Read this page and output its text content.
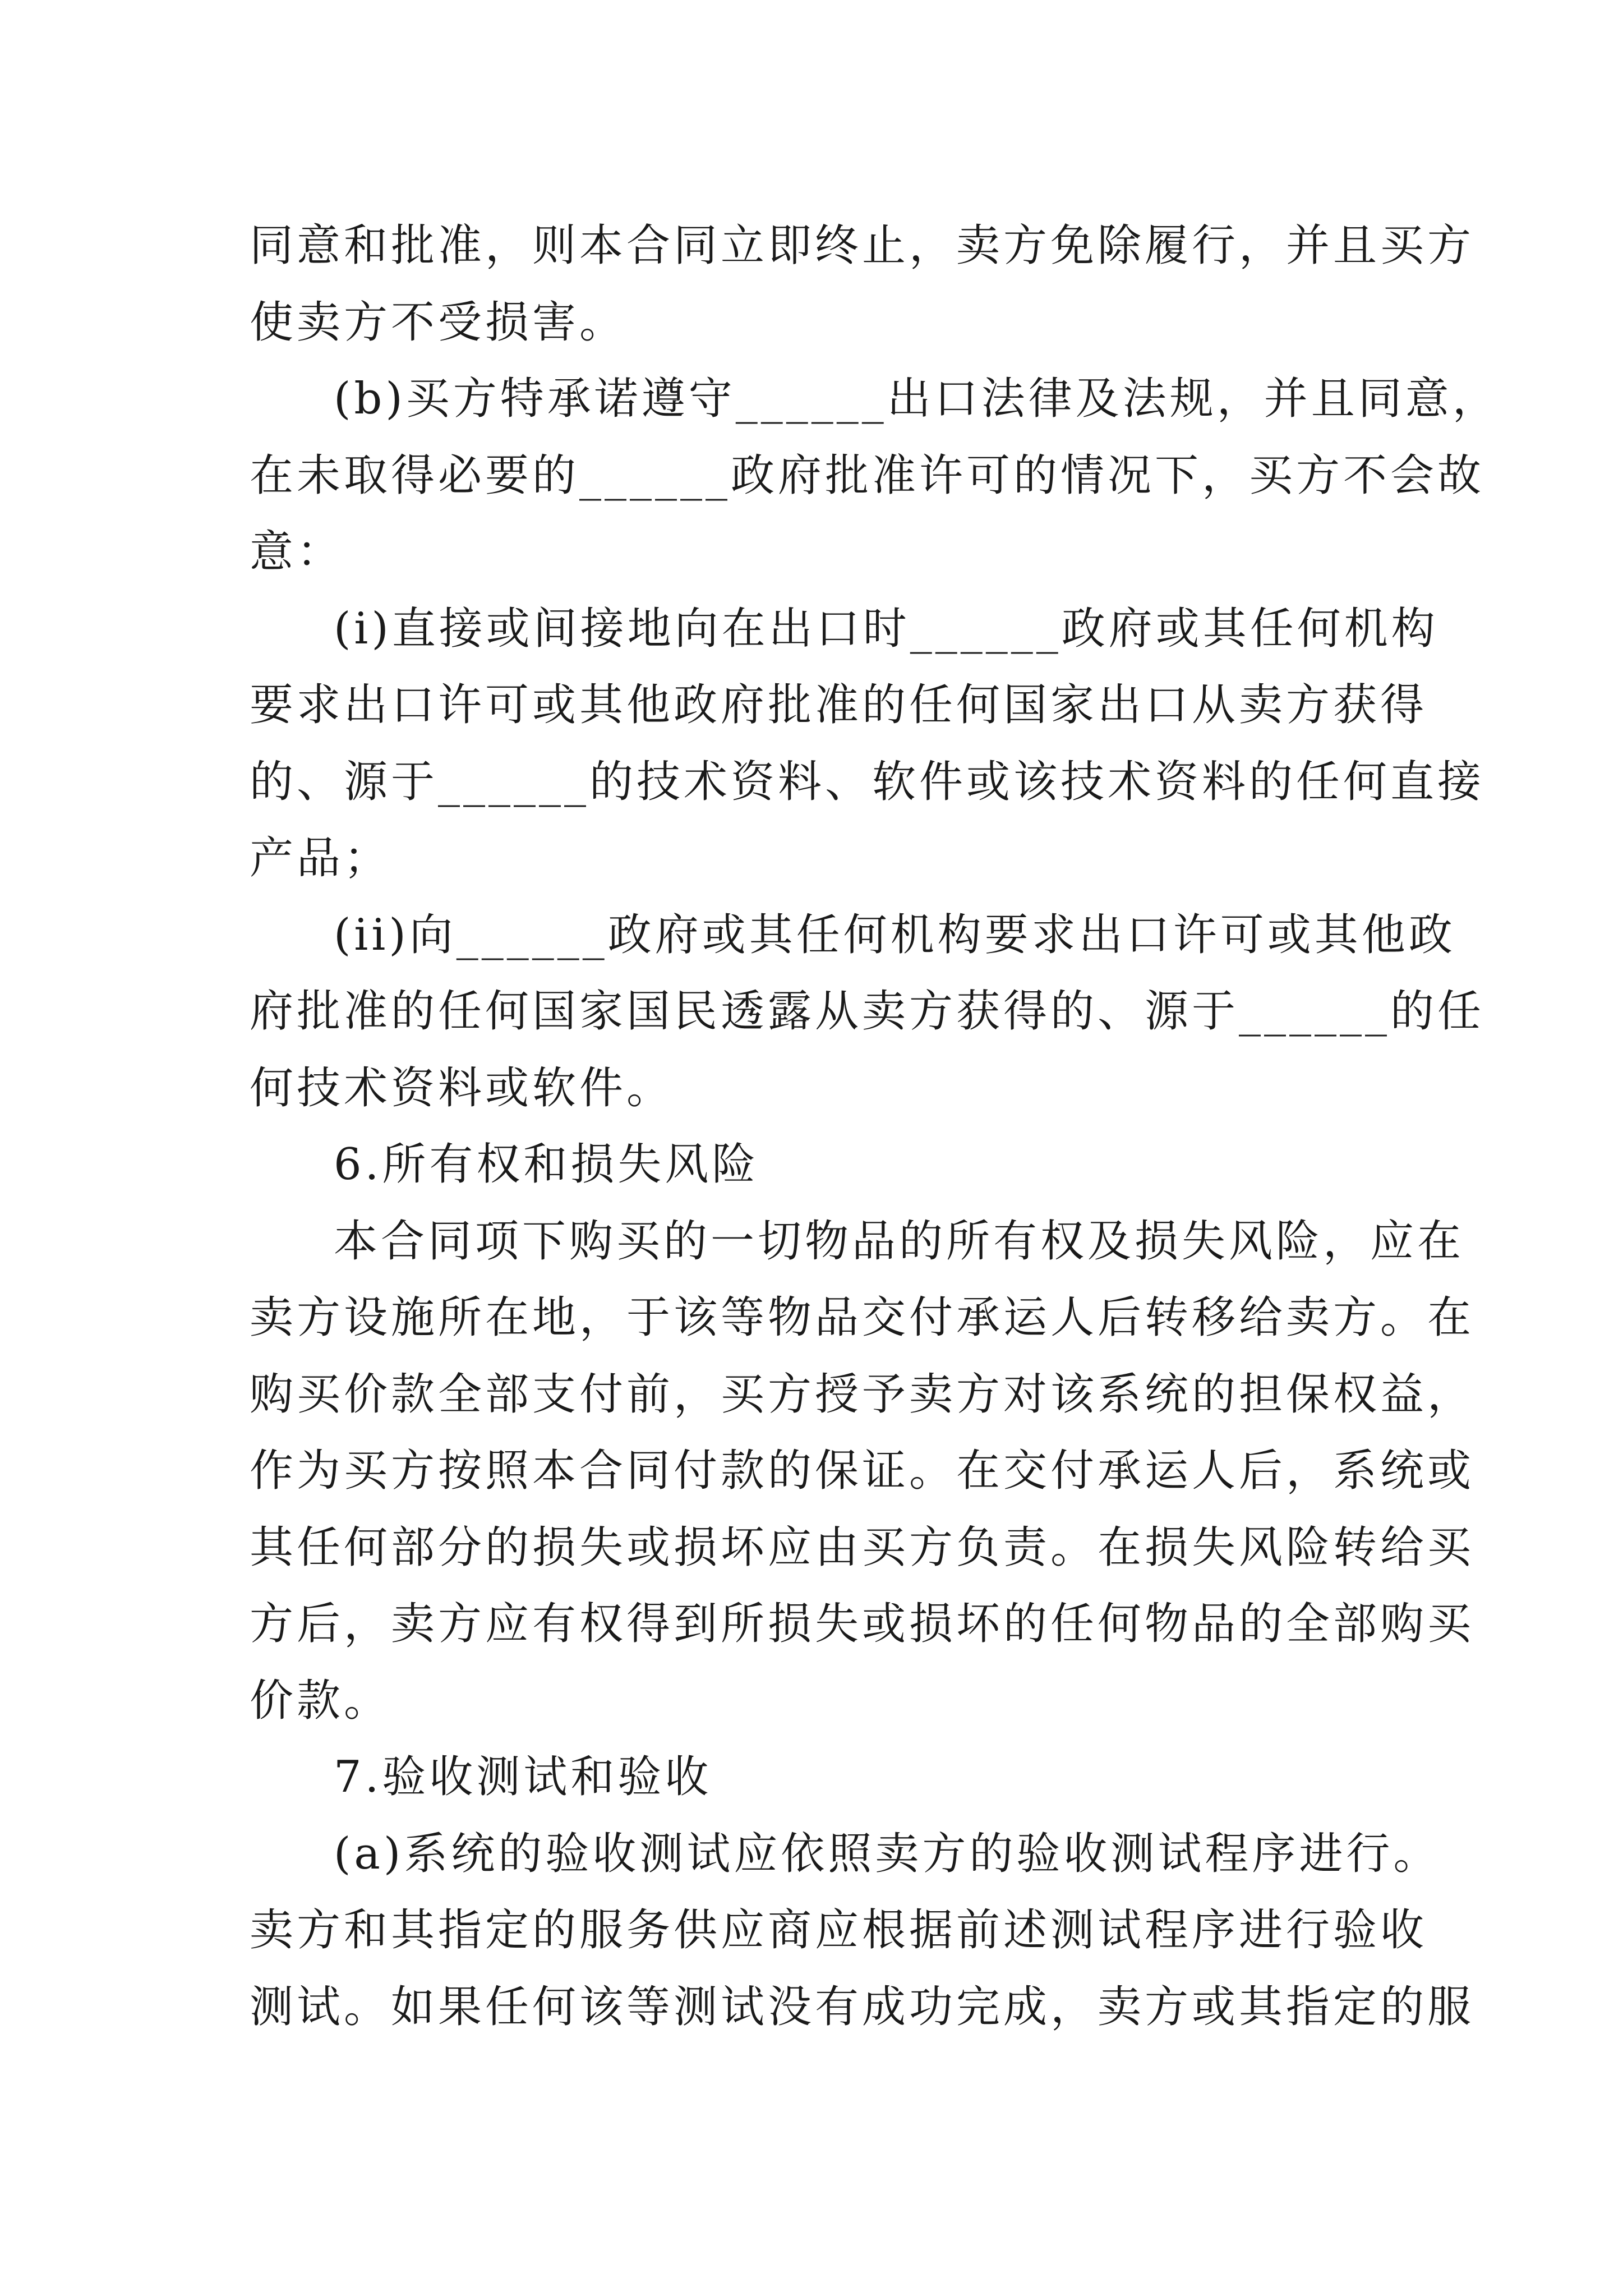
同意和批准，则本合同立即终止，卖方免除履行，并且买方
使卖方不受损害。
(b)买方特承诺遵守______出口法律及法规，并且同意，
在未取得必要的______政府批准许可的情况下，买方不会故
意：
(i)直接或间接地向在出口时______政府或其任何机构
要求出口许可或其他政府批准的任何国家出口从卖方获得
的、源于______的技术资料、软件或该技术资料的任何直接
产品；
(ii)向______政府或其任何机构要求出口许可或其他政
府批准的任何国家国民透露从卖方获得的、源于______的任
何技术资料或软件。
6.所有权和损失风险
本合同项下购买的一切物品的所有权及损失风险，应在
卖方设施所在地，于该等物品交付承运人后转移给卖方。在
购买价款全部支付前，买方授予卖方对该系统的担保权益，
作为买方按照本合同付款的保证。在交付承运人后，系统或
其任何部分的损失或损坏应由买方负责。在损失风险转给买
方后，卖方应有权得到所损失或损坏的任何物品的全部购买
价款。
7.验收测试和验收
(a)系统的验收测试应依照卖方的验收测试程序进行。
卖方和其指定的服务供应商应根据前述测试程序进行验收
测试。如果任何该等测试没有成功完成，卖方或其指定的服
